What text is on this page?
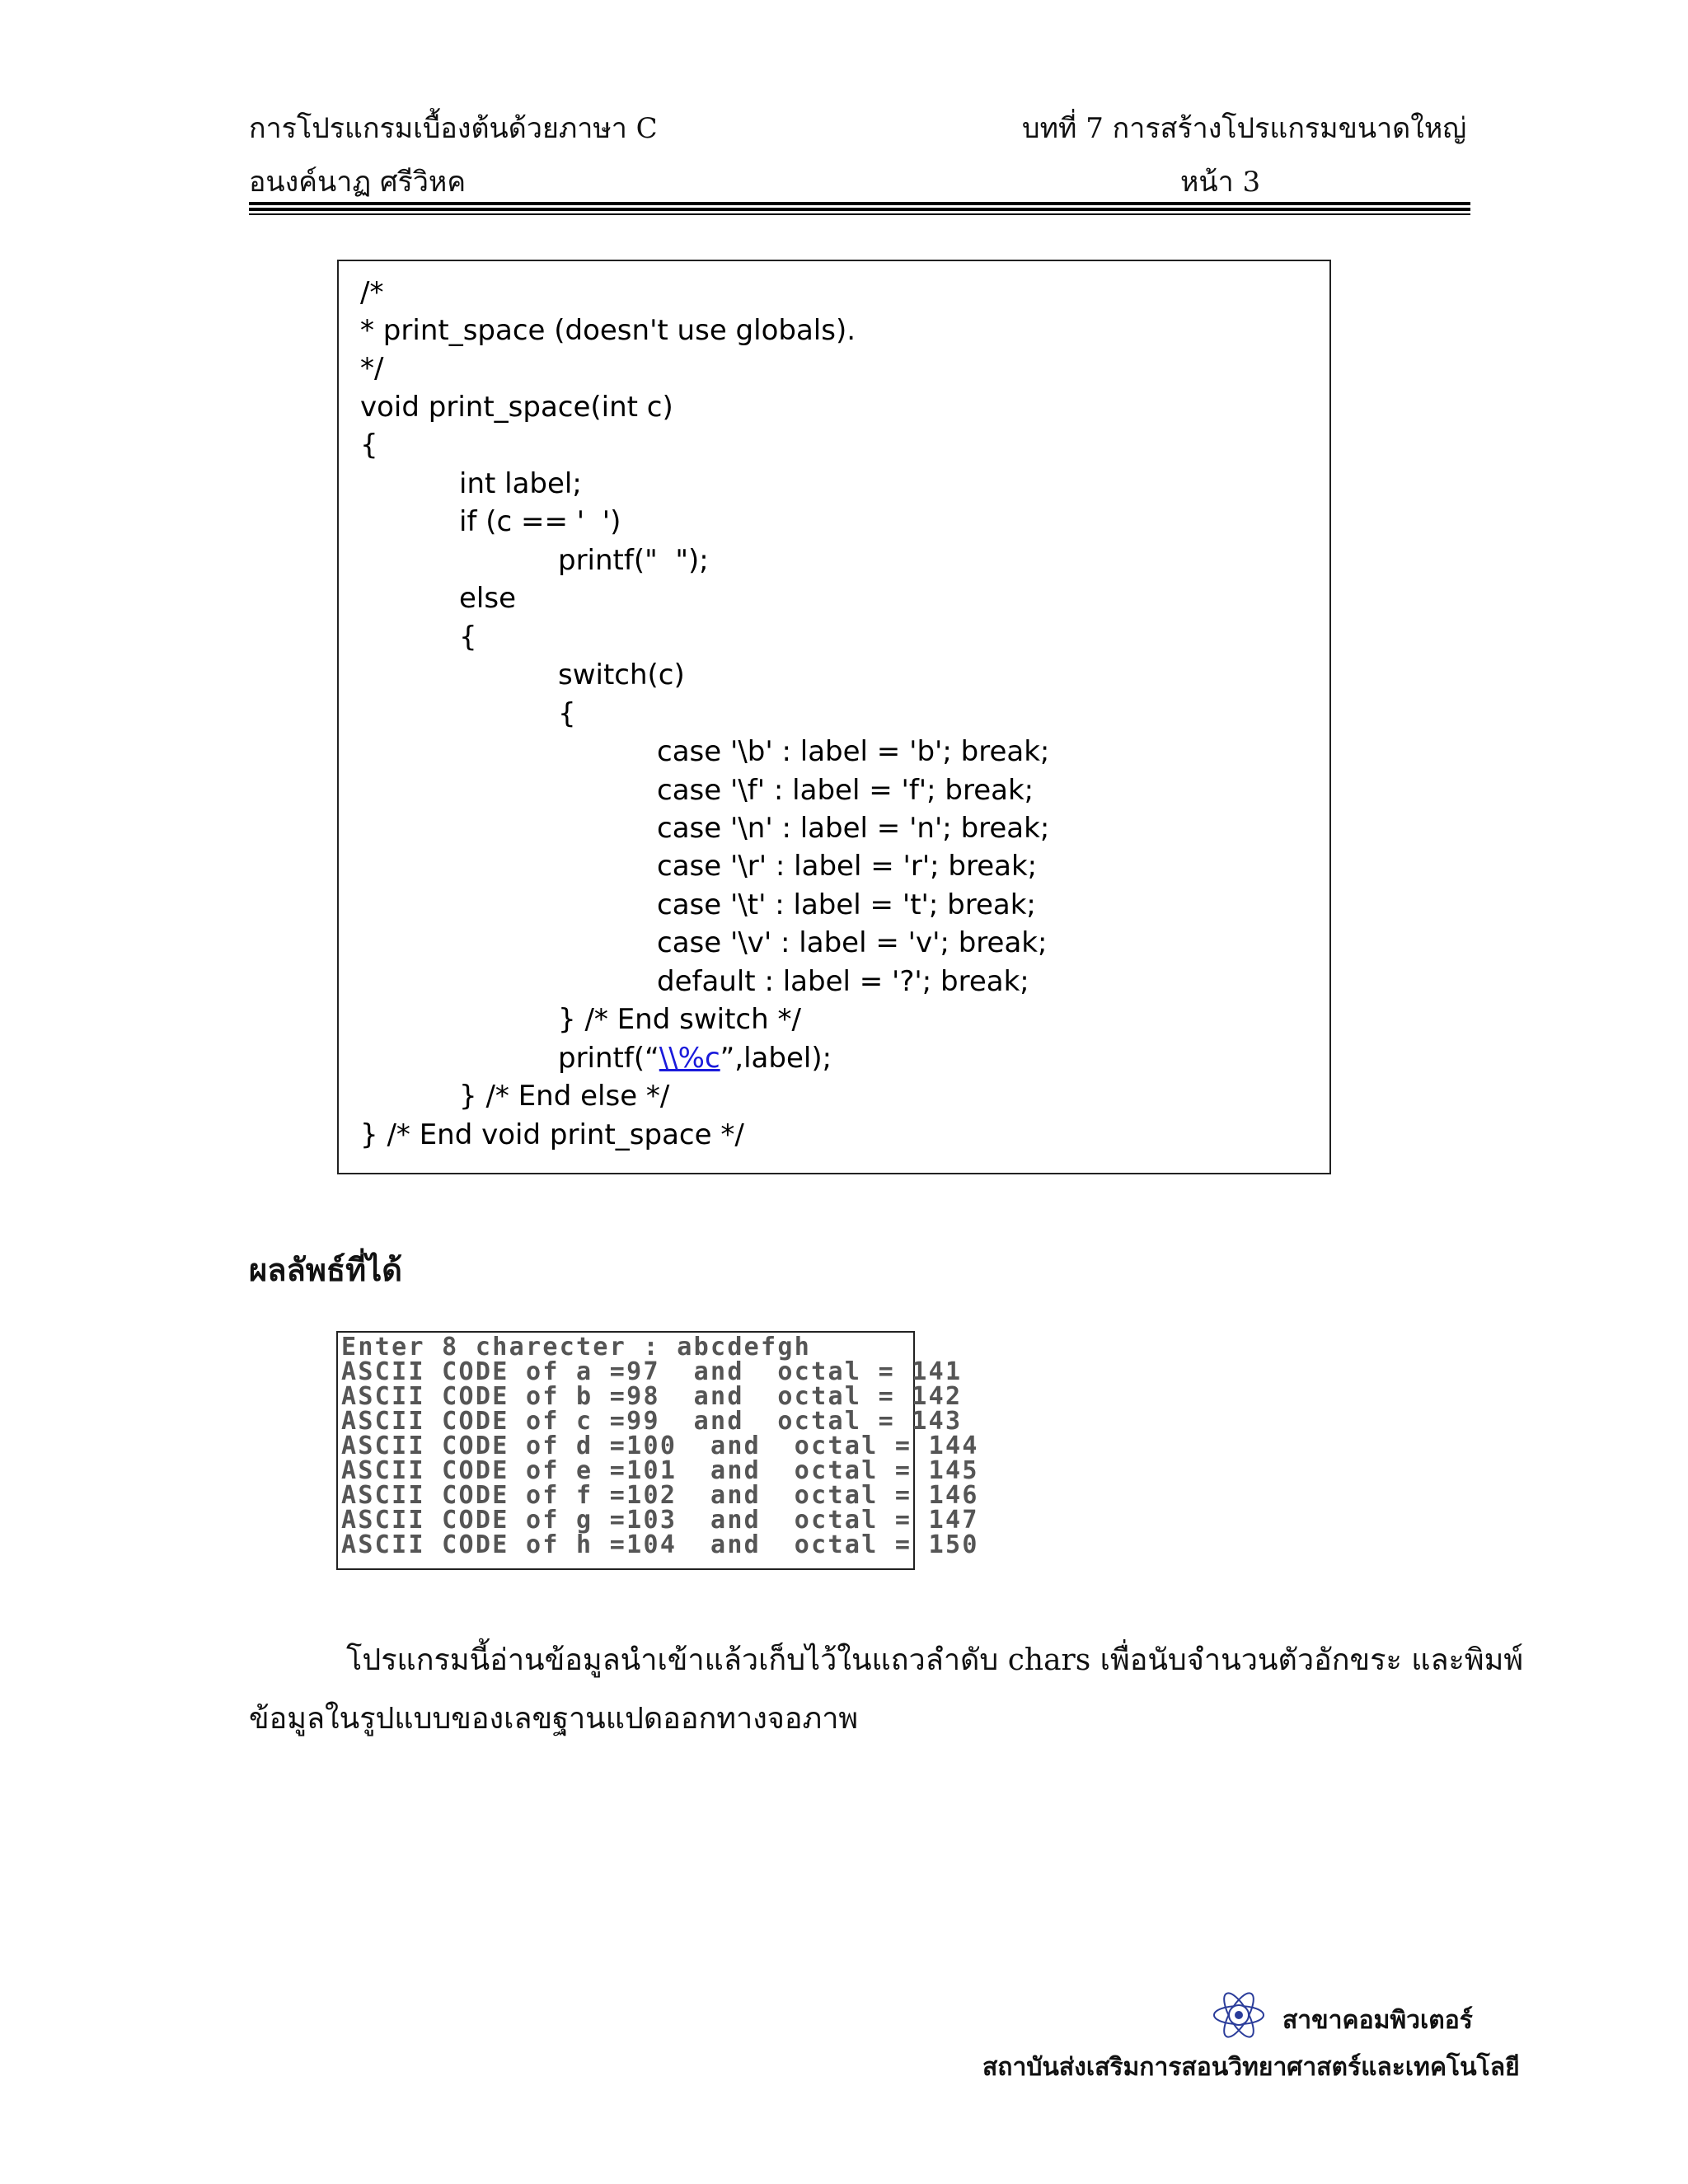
การโปรแกรมเบื้องต้นด้วยภาษา C
อนงค์นาฏ ศรีวิหค
บทที่ 7 การสร้างโปรแกรมขนาดใหญ่
หน้า 3
/*
* print_space (doesn't use globals).
*/
void print_space(int c)
{
int label;
if (c == '  ')
printf("  ");
else
{
switch(c)
{
case '\b' : label = 'b'; break;
case '\f' : label = 'f'; break;
case '\n' : label = 'n'; break;
case '\r' : label = 'r'; break;
case '\t' : label = 't'; break;
case '\v' : label = 'v'; break;
default : label = '?'; break;
} /* End switch */
printf(“\\%c”,label);
} /* End else */
} /* End void print_space */
ผลลัพธ์ที่ได้
Enter 8 charecter : abcdefgh
ASCII CODE of a =97  and  octal = 141
ASCII CODE of b =98  and  octal = 142
ASCII CODE of c =99  and  octal = 143
ASCII CODE of d =100  and  octal = 144
ASCII CODE of e =101  and  octal = 145
ASCII CODE of f =102  and  octal = 146
ASCII CODE of g =103  and  octal = 147
ASCII CODE of h =104  and  octal = 150
โปรแกรมนี้อ่านข้อมูลนำเข้าแล้วเก็บไว้ในแถวลำดับ chars เพื่อนับจำนวนตัวอักขระ และพิมพ์
ข้อมูลในรูปแบบของเลขฐานแปดออกทางจอภาพ
สาขาคอมพิวเตอร์
สถาบันส่งเสริมการสอนวิทยาศาสตร์และเทคโนโลยี
